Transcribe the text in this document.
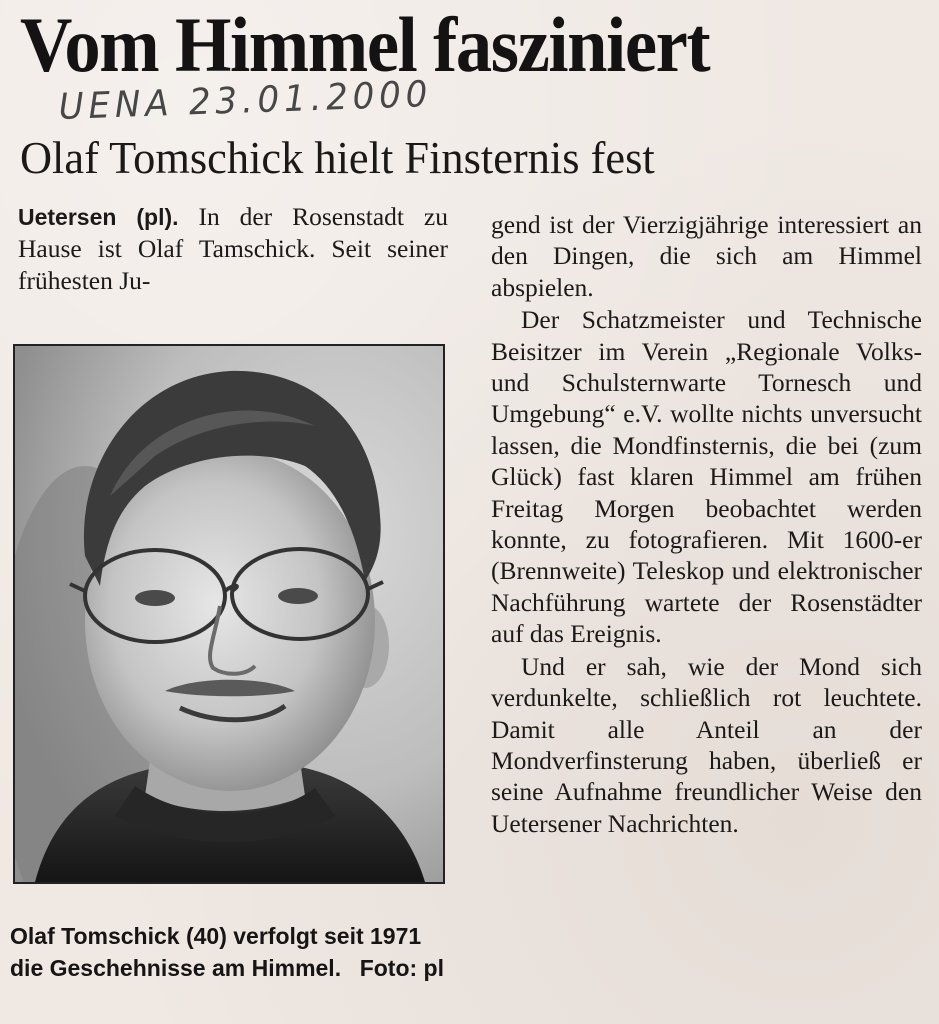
Vom Himmel fasziniert
UENA 23.01.2000
Olaf Tomschick hielt Finsternis fest

Uetersen (pl). In der Rosenstadt zu Hause ist Olaf Tamschick. Seit seiner frühesten Ju-

Olaf Tomschick (40) verfolgt seit 1971 die Geschehnisse am Himmel. Foto: pl

gend ist der Vierzigjährige interessiert an den Dingen, die sich am Himmel abspielen.

Der Schatzmeister und Technische Beisitzer im Verein „Regionale Volks- und Schulsternwarte Tornesch und Umgebung“ e.V. wollte nichts unversucht lassen, die Mondfinsternis, die bei (zum Glück) fast klaren Himmel am frühen Freitag Morgen beobachtet werden konnte, zu fotografieren. Mit 1600-er (Brennweite) Teleskop und elektronischer Nachführung wartete der Rosenstädter auf das Ereignis.

Und er sah, wie der Mond sich verdunkelte, schließlich rot leuchtete. Damit alle Anteil an der Mondverfinsterung haben, überließ er seine Aufnahme freundlicher Weise den Uetersener Nachrichten.
